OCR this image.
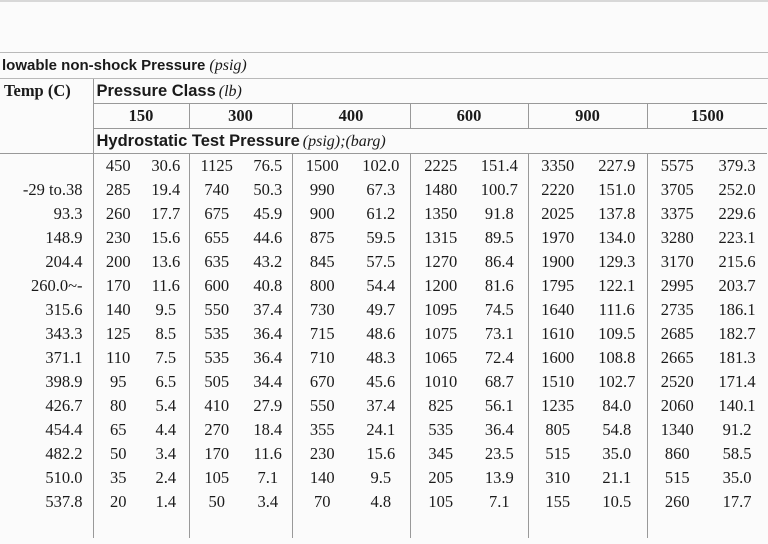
lowable non-shock Pressure (psig)
Temp (C)	Pressure Class (lb)											
	150		300		400		600		900		1500	
	Hydrostatic Test Pressure (psig);(barg)											
	450	30.6	1125	76.5	1500	102.0	2225	151.4	3350	227.9	5575	379.3
-29 to.38	285	19.4	740	50.3	990	67.3	1480	100.7	2220	151.0	3705	252.0
93.3	260	17.7	675	45.9	900	61.2	1350	91.8	2025	137.8	3375	229.6
148.9	230	15.6	655	44.6	875	59.5	1315	89.5	1970	134.0	3280	223.1
204.4	200	13.6	635	43.2	845	57.5	1270	86.4	1900	129.3	3170	215.6
260.0~-	170	11.6	600	40.8	800	54.4	1200	81.6	1795	122.1	2995	203.7
315.6	140	9.5	550	37.4	730	49.7	1095	74.5	1640	111.6	2735	186.1
343.3	125	8.5	535	36.4	715	48.6	1075	73.1	1610	109.5	2685	182.7
371.1	110	7.5	535	36.4	710	48.3	1065	72.4	1600	108.8	2665	181.3
398.9	95	6.5	505	34.4	670	45.6	1010	68.7	1510	102.7	2520	171.4
426.7	80	5.4	410	27.9	550	37.4	825	56.1	1235	84.0	2060	140.1
454.4	65	4.4	270	18.4	355	24.1	535	36.4	805	54.8	1340	91.2
482.2	50	3.4	170	11.6	230	15.6	345	23.5	515	35.0	860	58.5
510.0	35	2.4	105	7.1	140	9.5	205	13.9	310	21.1	515	35.0
537.8	20	1.4	50	3.4	70	4.8	105	7.1	155	10.5	260	17.7
